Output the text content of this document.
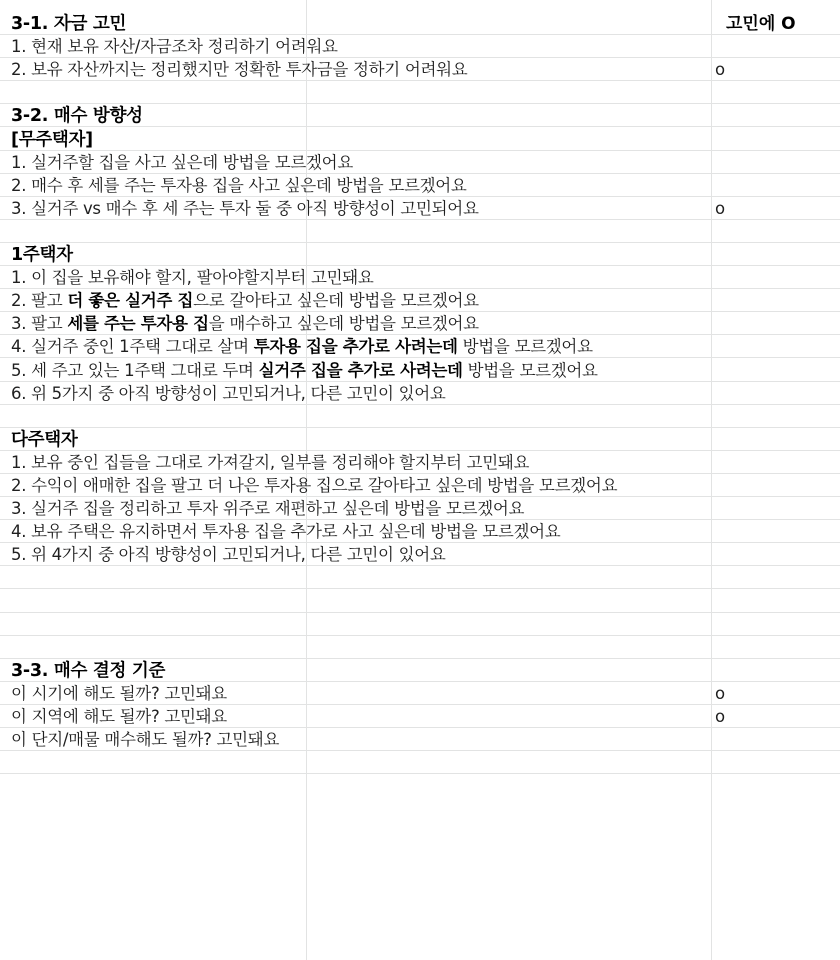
3-1. 자금 고민	고민에 O
1. 현재 보유 자산/자금조차 정리하기 어려워요
2. 보유 자산까지는 정리했지만 정확한 투자금을 정하기 어려워요	o
3-2. 매수 방향성
[무주택자]
1. 실거주할 집을 사고 싶은데 방법을 모르겠어요
2. 매수 후 세를 주는 투자용 집을 사고 싶은데 방법을 모르겠어요
3. 실거주 vs 매수 후 세 주는 투자 둘 중 아직 방향성이 고민되어요	o
1주택자
1. 이 집을 보유해야 할지, 팔아야할지부터 고민돼요
2. 팔고 더 좋은 실거주 집으로 갈아타고 싶은데 방법을 모르겠어요
3. 팔고 세를 주는 투자용 집을 매수하고 싶은데 방법을 모르겠어요
4. 실거주 중인 1주택 그대로 살며 투자용 집을 추가로 사려는데 방법을 모르겠어요
5. 세 주고 있는 1주택 그대로 두며 실거주 집을 추가로 사려는데 방법을 모르겠어요
6. 위 5가지 중 아직 방향성이 고민되거나, 다른 고민이 있어요
다주택자
1. 보유 중인 집들을 그대로 가져갈지, 일부를 정리해야 할지부터 고민돼요
2. 수익이 애매한 집을 팔고 더 나은 투자용 집으로 갈아타고 싶은데 방법을 모르겠어요
3. 실거주 집을 정리하고 투자 위주로 재편하고 싶은데 방법을 모르겠어요
4. 보유 주택은 유지하면서 투자용 집을 추가로 사고 싶은데 방법을 모르겠어요
5. 위 4가지 중 아직 방향성이 고민되거나, 다른 고민이 있어요
3-3. 매수 결정 기준
이 시기에 해도 될까? 고민돼요	o
이 지역에 해도 될까? 고민돼요	o
이 단지/매물 매수해도 될까? 고민돼요
